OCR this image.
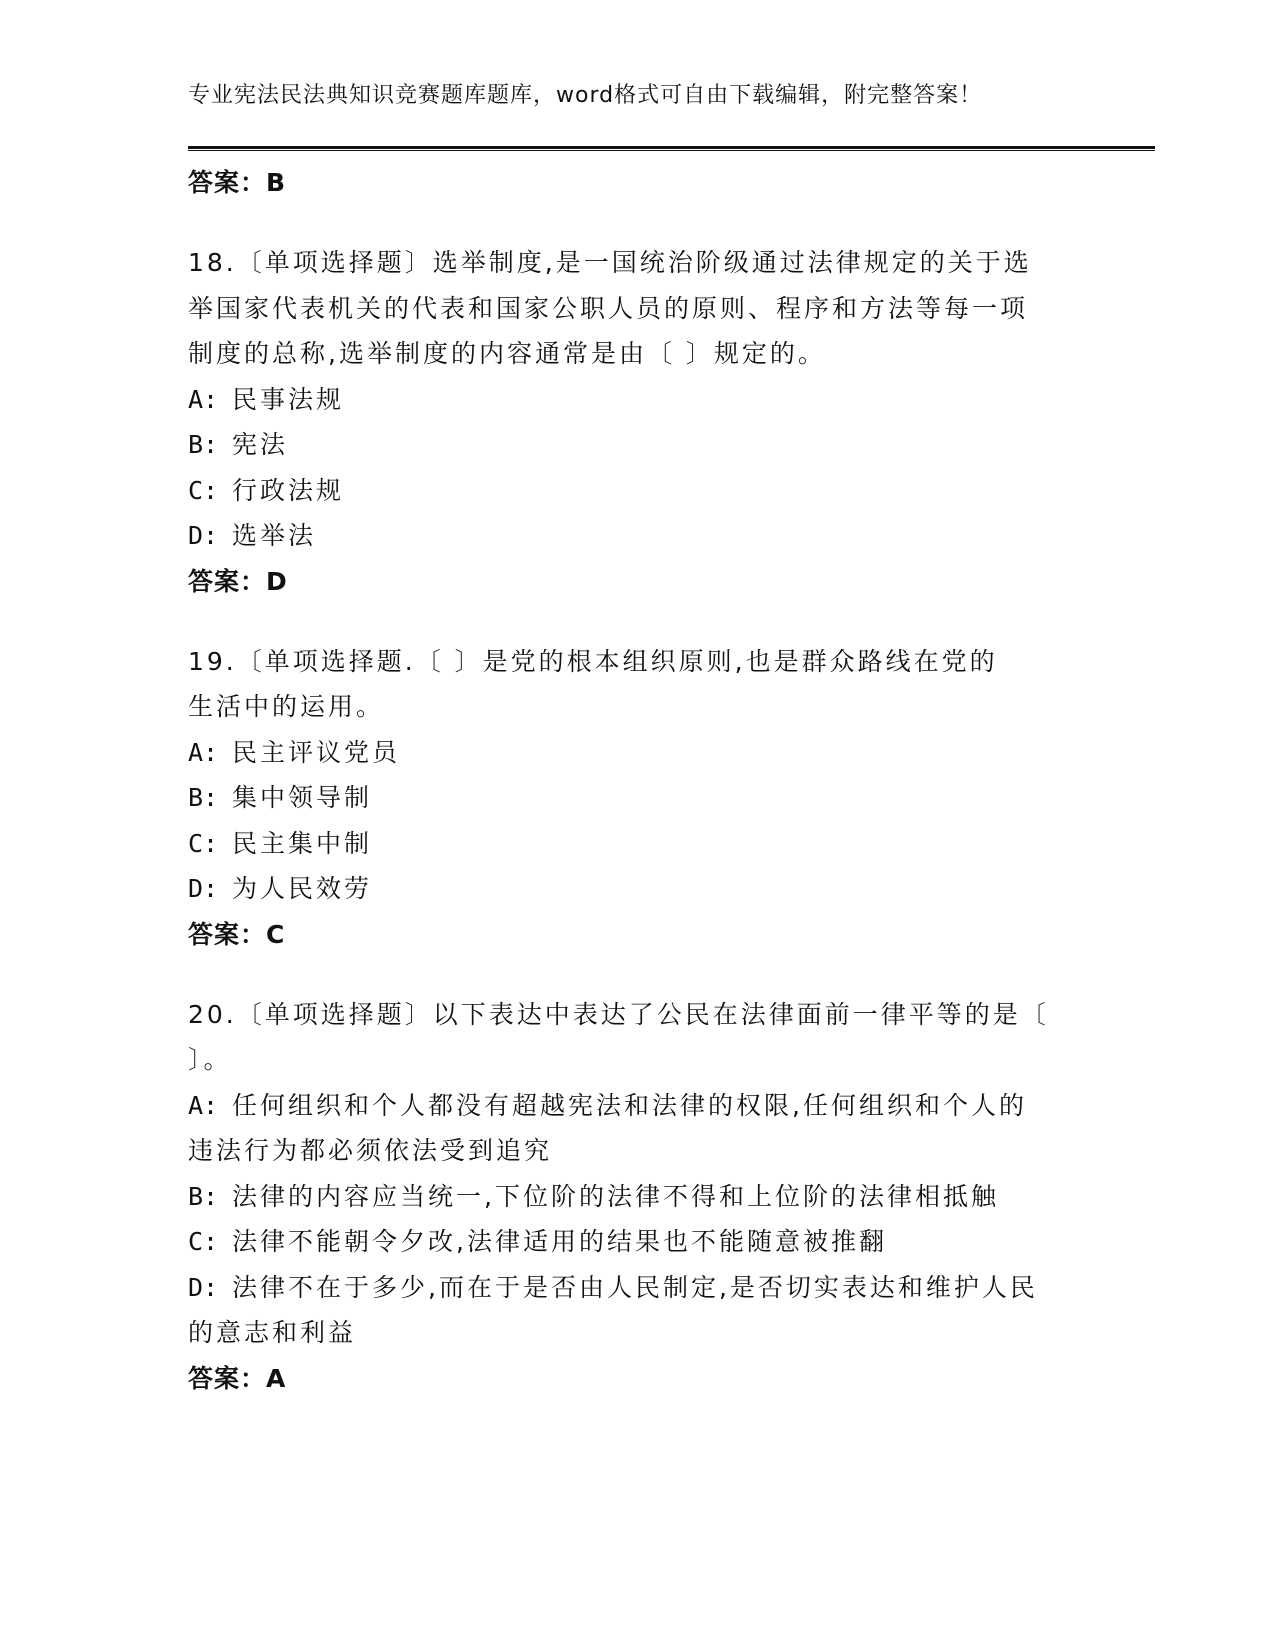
专业宪法民法典知识竞赛题库题库，word格式可自由下载编辑，附完整答案！
答案：B
18.〔单项选择题〕选举制度,是一国统治阶级通过法律规定的关于选
举国家代表机关的代表和国家公职人员的原则、程序和方法等每一项
制度的总称,选举制度的内容通常是由〔 〕规定的。
A: 民事法规
B: 宪法
C: 行政法规
D: 选举法
答案：D
19.〔单项选择题.〔 〕是党的根本组织原则,也是群众路线在党的
生活中的运用。
A: 民主评议党员
B: 集中领导制
C: 民主集中制
D: 为人民效劳
答案：C
20.〔单项选择题〕以下表达中表达了公民在法律面前一律平等的是〔
〕。
A: 任何组织和个人都没有超越宪法和法律的权限,任何组织和个人的
违法行为都必须依法受到追究
B: 法律的内容应当统一,下位阶的法律不得和上位阶的法律相抵触
C: 法律不能朝令夕改,法律适用的结果也不能随意被推翻
D: 法律不在于多少,而在于是否由人民制定,是否切实表达和维护人民
的意志和利益
答案：A
